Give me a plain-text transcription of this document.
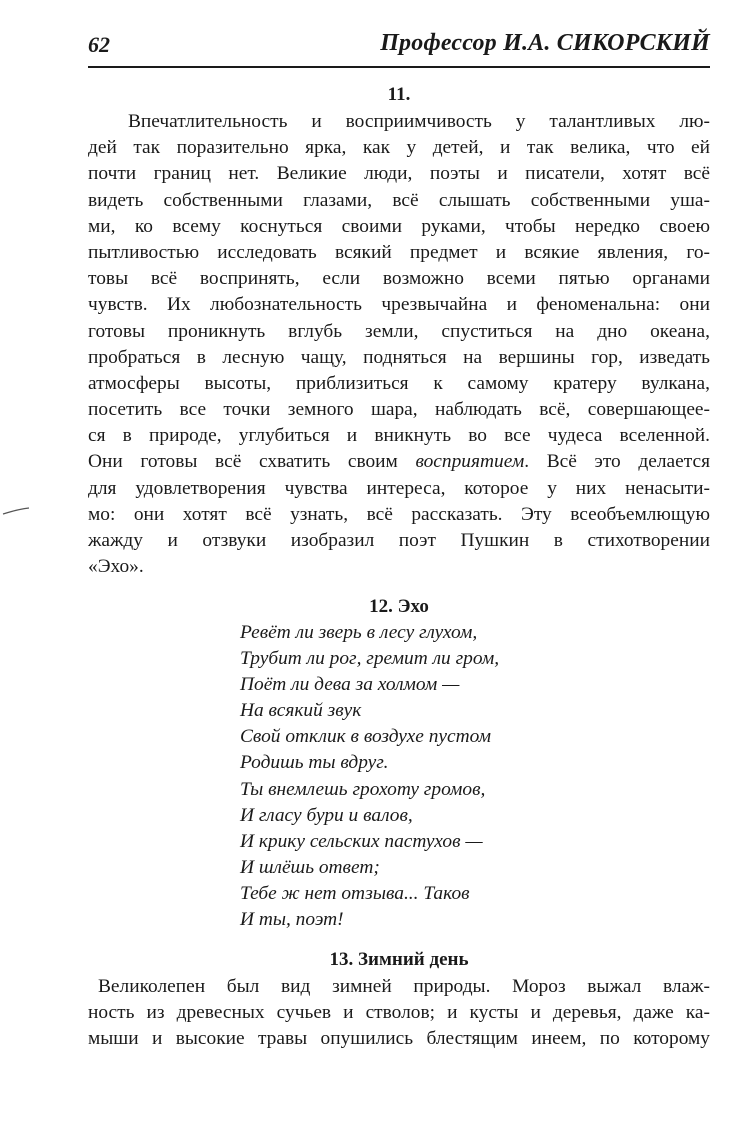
62	Профессор И.А. СИКОРСКИЙ
11.
Впечатлительность и восприимчивость у талантливых лю-
дей так поразительно ярка, как у детей, и так велика, что ей
почти границ нет. Великие люди, поэты и писатели, хотят всё
видеть собственными глазами, всё слышать собственными уша-
ми, ко всему коснуться своими руками, чтобы нередко своею
пытливостью исследовать всякий предмет и всякие явления, го-
товы всё воспринять, если возможно всеми пятью органами
чувств. Их любознательность чрезвычайна и феноменальна: они
готовы проникнуть вглубь земли, спуститься на дно океана,
пробраться в лесную чащу, подняться на вершины гор, изведать
атмосферы высоты, приблизиться к самому кратеру вулкана,
посетить все точки земного шара, наблюдать всё, совершающее-
ся в природе, углубиться и вникнуть во все чудеса вселенной.
Они готовы всё схватить своим восприятием. Всё это делается
для удовлетворения чувства интереса, которое у них ненасыти-
мо: они хотят всё узнать, всё рассказать. Эту всеобъемлющую
жажду и отзвуки изобразил поэт Пушкин в стихотворении
«Эхо».
12. Эхо
Ревёт ли зверь в лесу глухом,
Трубит ли рог, гремит ли гром,
Поёт ли дева за холмом —
На всякий звук
Свой отклик в воздухе пустом
Родишь ты вдруг.
Ты внемлешь грохоту громов,
И гласу бури и валов,
И крику сельских пастухов —
И шлёшь ответ;
Тебе ж нет отзыва... Таков
И ты, поэт!
13. Зимний день
Великолепен был вид зимней природы. Мороз выжал влаж-
ность из древесных сучьев и стволов; и кусты и деревья, даже ка-
мыши и высокие травы опушились блестящим инеем, по которому
